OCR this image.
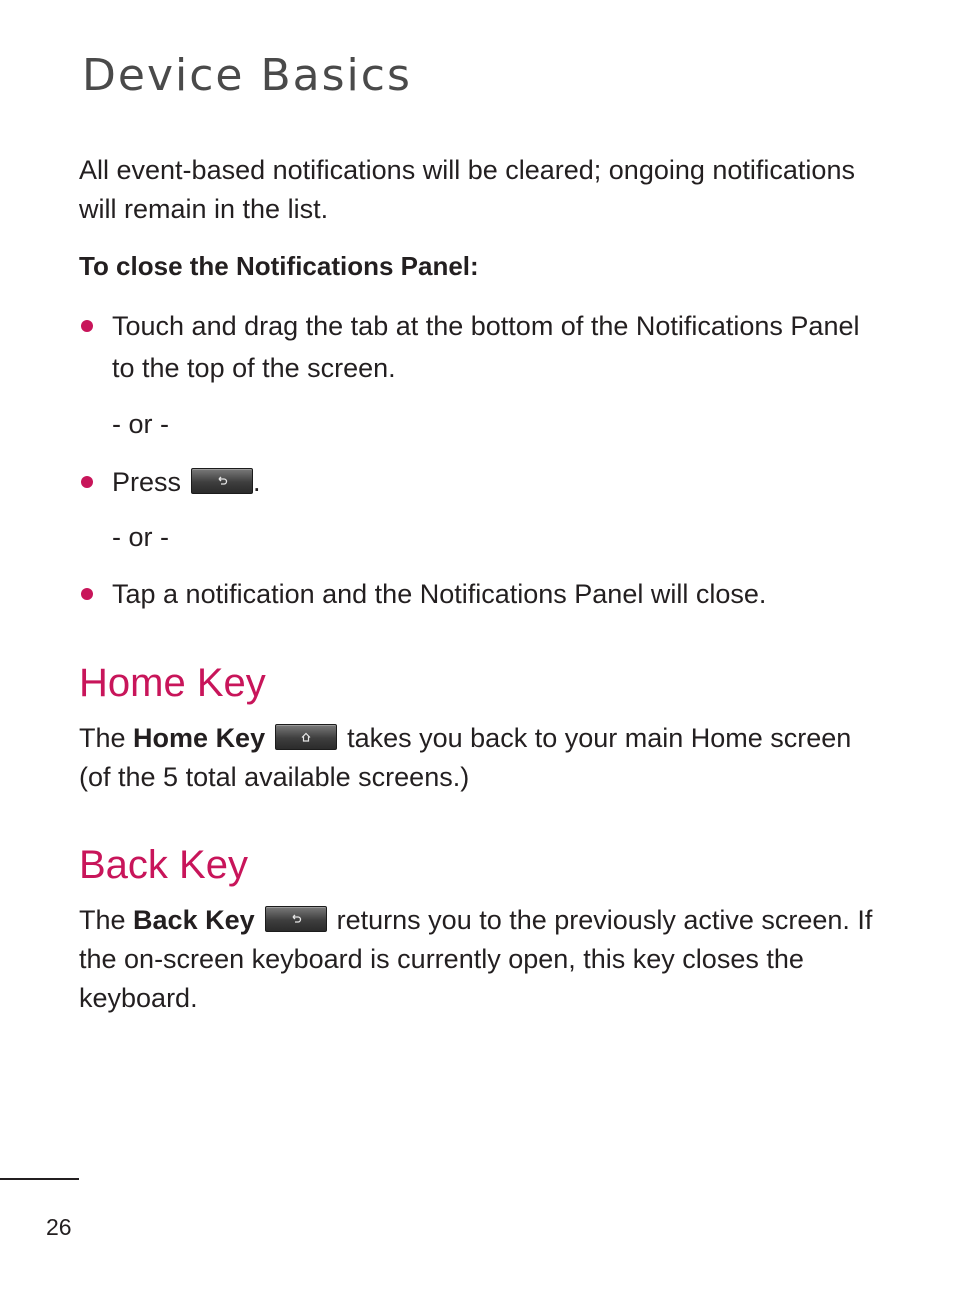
Device Basics

All event-based notifications will be cleared; ongoing notifications will remain in the list.

To close the Notifications Panel:

Touch and drag the tab at the bottom of the Notifications Panel to the top of the screen.
- or -
Press	.
- or -
Tap a notification and the Notifications Panel will close.
Home Key

The Home Key	takes you back to your main Home screen (of the 5 total available screens.)

Back Key

The Back Key	returns you to the previously active screen. If the on-screen keyboard is currently open, this key closes the keyboard.

26
